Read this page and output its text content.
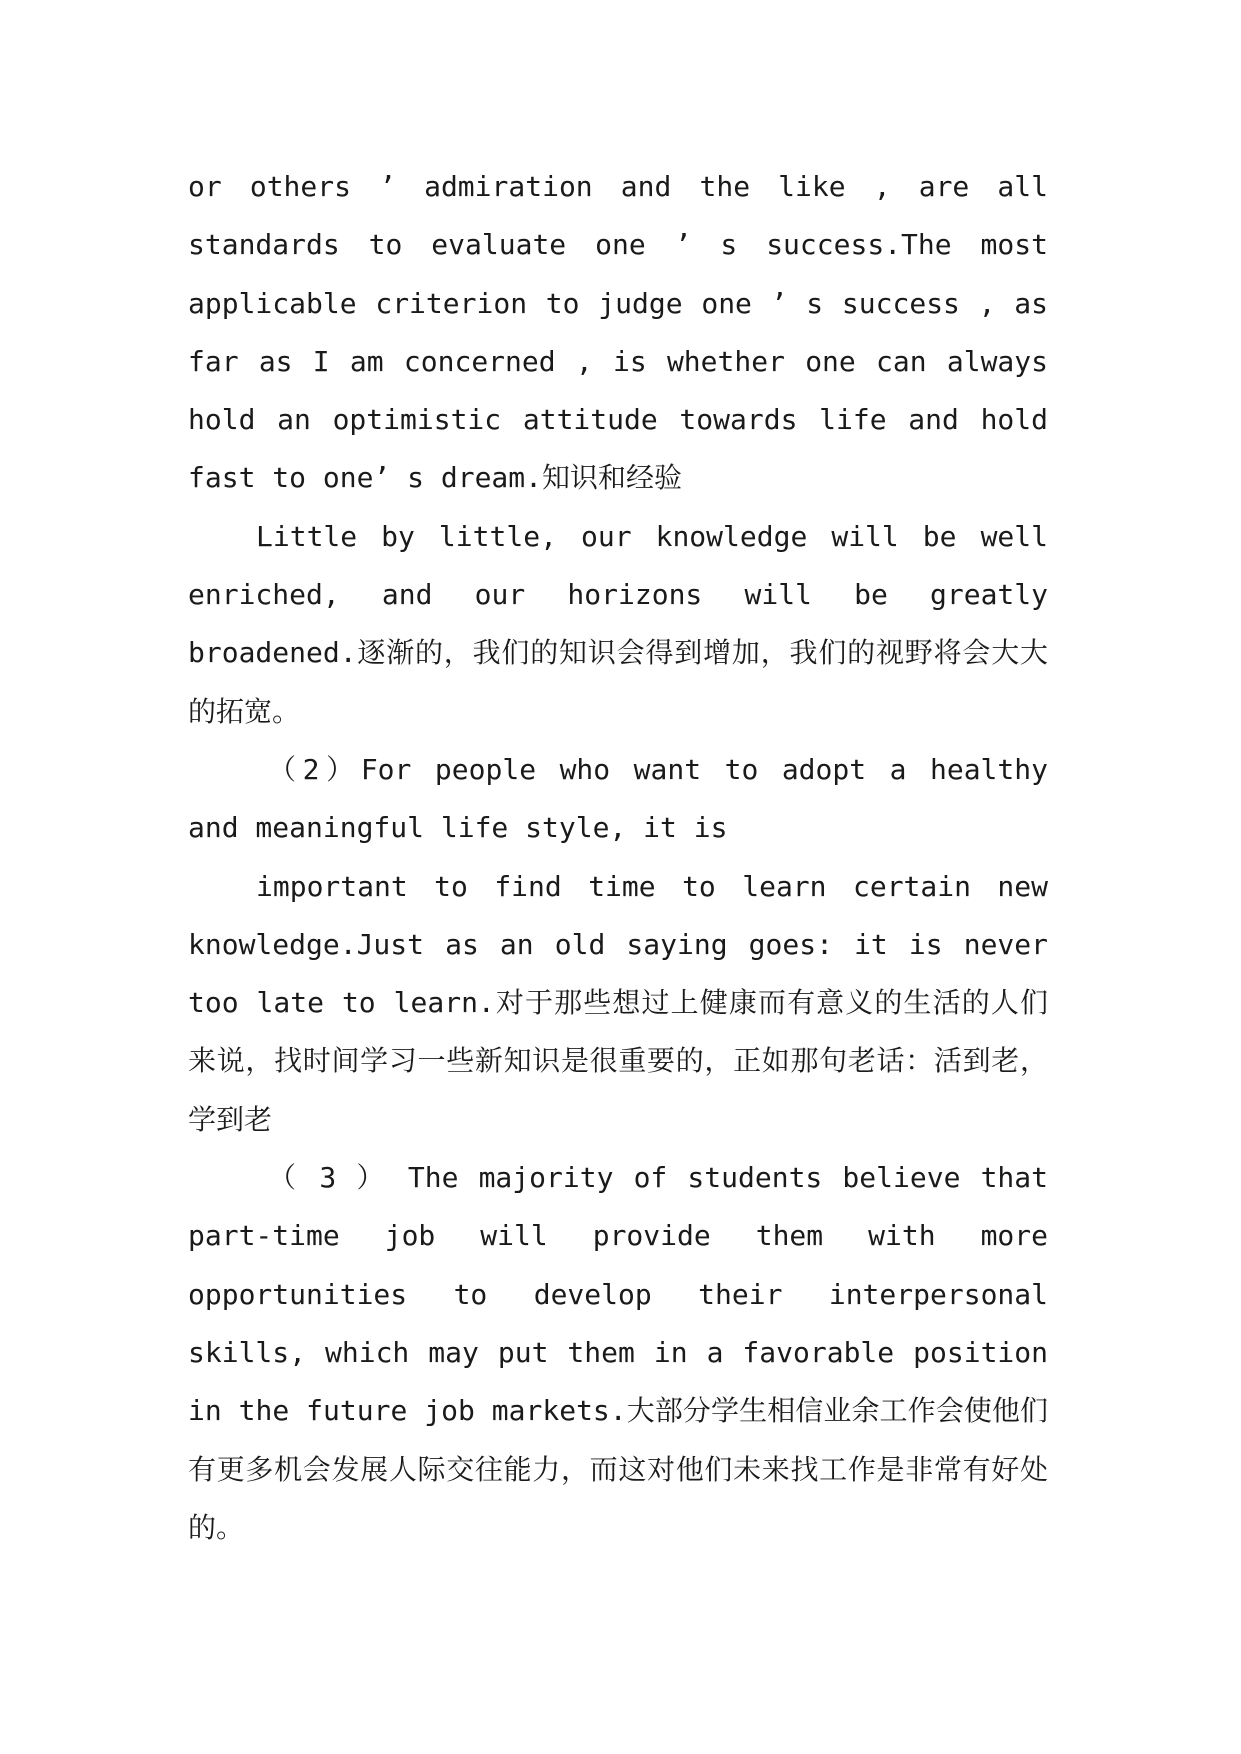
or others ’ admiration and the like , are all standards to evaluate one ’ s success.The most applicable criterion to judge one ’ s success , as far as I am concerned , is whether one can always hold an optimistic attitude towards life and hold fast to one’ s dream.知识和经验

Little by little, our knowledge will be well enriched, and our horizons will be greatly broadened.逐渐的，我们的知识会得到增加，我们的视野将会大大的拓宽。

（2）For people who want to adopt a healthy and meaningful life style, it is

important to find time to learn certain new knowledge.Just as an old saying goes: it is never too late to learn.对于那些想过上健康而有意义的生活的人们来说，找时间学习一些新知识是很重要的，正如那句老话：活到老，学到老

（ 3 ） The majority of students believe that part-time job will provide them with more opportunities to develop their interpersonal skills, which may put them in a favorable position in the future job markets.大部分学生相信业余工作会使他们有更多机会发展人际交往能力，而这对他们未来找工作是非常有好处的。
